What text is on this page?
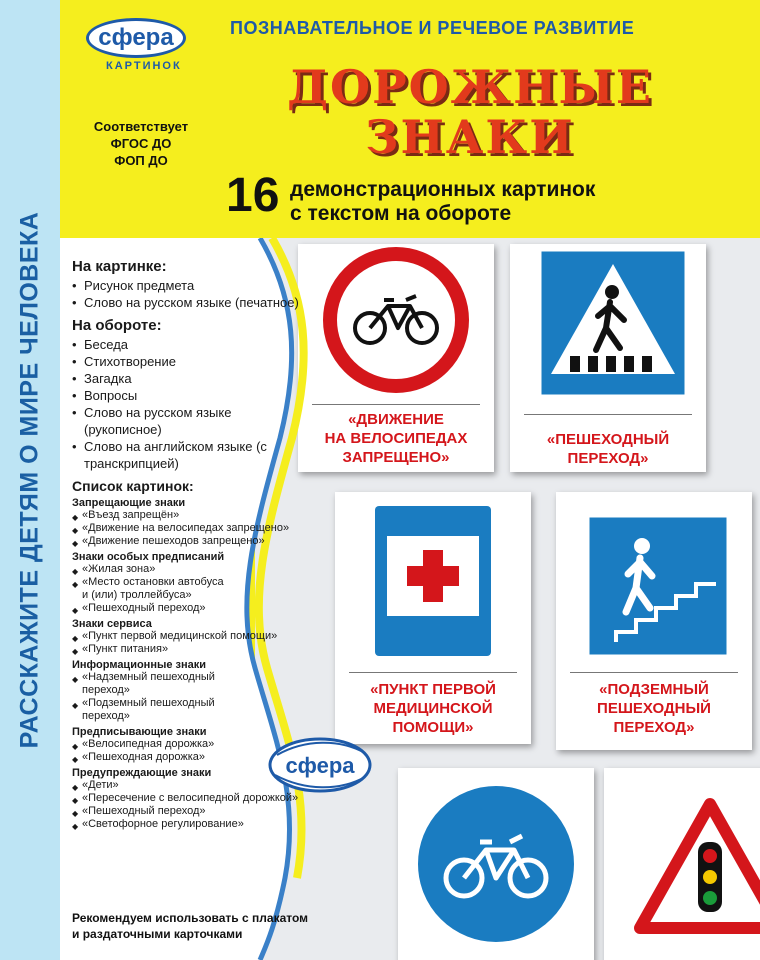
«ДВИЖЕНИЕ
НА ВЕЛОСИПЕДАХ
ЗАПРЕЩЕНО»
«ПЕШЕХОДНЫЙ
ПЕРЕХОД»
«ПУНКТ ПЕРВОЙ
МЕДИЦИНСКОЙ
ПОМОЩИ»
«ПОДЗЕМНЫЙ
ПЕШЕХОДНЫЙ
ПЕРЕХОД»
РАССКАЖИТЕ ДЕТЯМ О МИРЕ ЧЕЛОВЕКА
сфера
КАРТИНОК
ПОЗНАВАТЕЛЬНОЕ И РЕЧЕВОЕ РАЗВИТИЕ
ДОРОЖНЫЕ
ЗНАКИ
Соответствует
ФГОС ДО
ФОП ДО
16 демонстрационных картинок
с текстом на обороте
На картинке:
• Рисунок предмета
• Слово на русском языке (печатное)
На обороте:
• Беседа
• Стихотворение
• Загадка
• Вопросы
• Слово на русском языке (рукописное)
• Слово на английском языке (с транскрипцией)
Список картинок:
Запрещающие знаки
◆ «Въезд запрещён»
◆ «Движение на велосипедах запрещено»
◆ «Движение пешеходов запрещено»
Знаки особых предписаний
◆ «Жилая зона»
◆ «Место остановки автобуса и (или) троллейбуса»
◆ «Пешеходный переход»
Знаки сервиса
◆ «Пункт первой медицинской помощи»
◆ «Пункт питания»
Информационные знаки
◆ «Надземный пешеходный переход»
◆ «Подземный пешеходный переход»
Предписывающие знаки
◆ «Велосипедная дорожка»
◆ «Пешеходная дорожка»
Предупреждающие знаки
◆ «Дети»
◆ «Пересечение с велосипедной дорожкой»
◆ «Пешеходный переход»
◆ «Светофорное регулирование»
сфера
Рекомендуем использовать с плакатом
и раздаточными карточками
